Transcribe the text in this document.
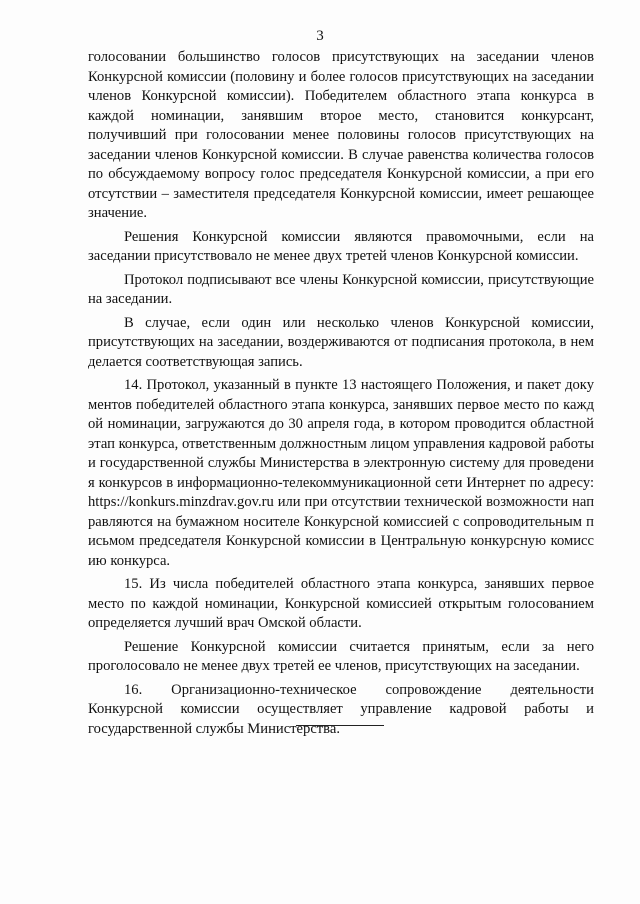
3

голосовании большинство голосов присутствующих на заседании членов Конкурсной комиссии (половину и более голосов присутствующих на заседании членов Конкурсной комиссии). Победителем областного этапа конкурса в каждой номинации, занявшим второе место, становится конкурсант, получивший при голосовании менее половины голосов присутствующих на заседании членов Конкурсной комиссии. В случае равенства количества голосов по обсуждаемому вопросу голос председателя Конкурсной комиссии, а при его отсутствии – заместителя председателя Конкурсной комиссии, имеет решающее значение.

Решения Конкурсной комиссии являются правомочными, если на заседании присутствовало не менее двух третей членов Конкурсной комиссии.

Протокол подписывают все члены Конкурсной комиссии, присутствующие на заседании.

В случае, если один или несколько членов Конкурсной комиссии, присутствующих на заседании, воздерживаются от подписания протокола, в нем делается соответствующая запись.

14. Протокол, указанный в пункте 13 настоящего Положения, и пакет документов победителей областного этапа конкурса, занявших первое место по каждой номинации, загружаются до 30 апреля года, в котором проводится областной этап конкурса, ответственным должностным лицом управления кадровой работы и государственной службы Министерства в электронную систему для проведения конкурсов в информационно-телекоммуникационной сети Интернет по адресу: https://konkurs.minzdrav.gov.ru или при отсутствии технической возможности направляются на бумажном носителе Конкурсной комиссией с сопроводительным письмом председателя Конкурсной комиссии в Центральную конкурсную комиссию конкурса.

15. Из числа победителей областного этапа конкурса, занявших первое место по каждой номинации, Конкурсной комиссией открытым голосованием определяется лучший врач Омской области.

Решение Конкурсной комиссии считается принятым, если за него проголосовало не менее двух третей ее членов, присутствующих на заседании.

16. Организационно-техническое сопровождение деятельности Конкурсной комиссии осуществляет управление кадровой работы и государственной службы Министерства.
